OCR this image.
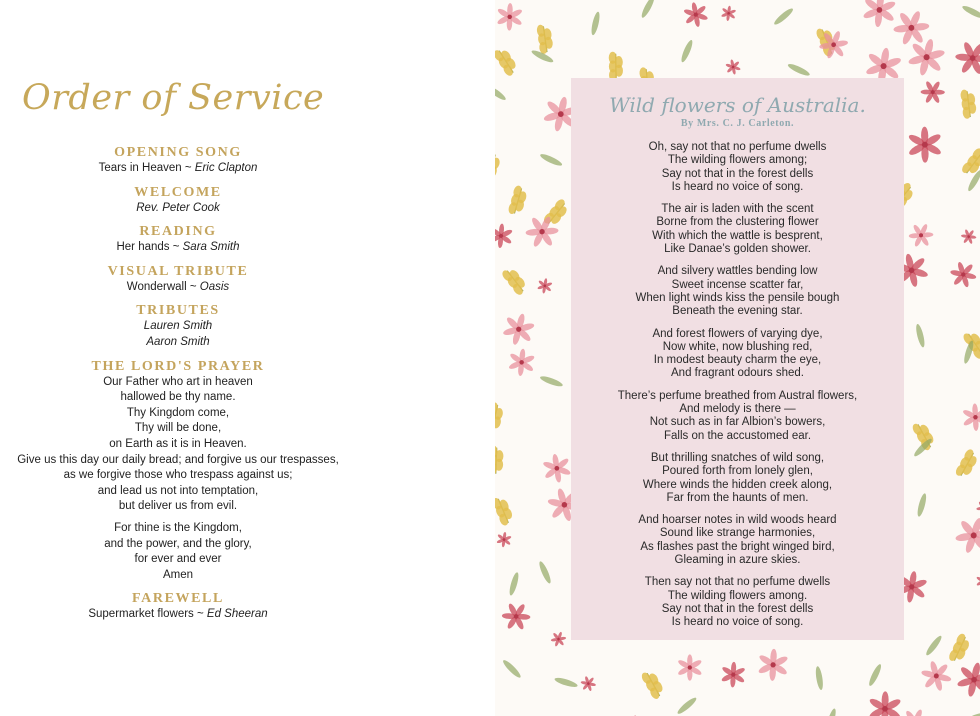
Order of Service
OPENING SONG
Tears in Heaven ~ Eric Clapton
WELCOME
Rev. Peter Cook
READING
Her hands ~ Sara Smith
VISUAL TRIBUTE
Wonderwall ~ Oasis
TRIBUTES
Lauren Smith
Aaron Smith
THE LORD'S PRAYER
Our Father who art in heaven
hallowed be thy name.
Thy Kingdom come,
Thy will be done,
on Earth as it is in Heaven.
Give us this day our daily bread; and forgive us our trespasses,
as we forgive those who trespass against us;
and lead us not into temptation,
but deliver us from evil.
For thine is the Kingdom,
and the power, and the glory,
for ever and ever
Amen
FAREWELL
Supermarket flowers ~ Ed Sheeran
Wild flowers of Australia.
By Mrs. C. J. Carleton.
Oh, say not that no perfume dwells
The wilding flowers among;
Say not that in the forest dells
Is heard no voice of song.
The air is laden with the scent
Borne from the clustering flower
With which the wattle is besprent,
Like Danae’s golden shower.
And silvery wattles bending low
Sweet incense scatter far,
When light winds kiss the pensile bough
Beneath the evening star.
And forest flowers of varying dye,
Now white, now blushing red,
In modest beauty charm the eye,
And fragrant odours shed.
There’s perfume breathed from Austral flowers,
And melody is there —
Not such as in far Albion’s bowers,
Falls on the accustomed ear.
But thrilling snatches of wild song,
Poured forth from lonely glen,
Where winds the hidden creek along,
Far from the haunts of men.
And hoarser notes in wild woods heard
Sound like strange harmonies,
As flashes past the bright winged bird,
Gleaming in azure skies.
Then say not that no perfume dwells
The wilding flowers among.
Say not that in the forest dells
Is heard no voice of song.
